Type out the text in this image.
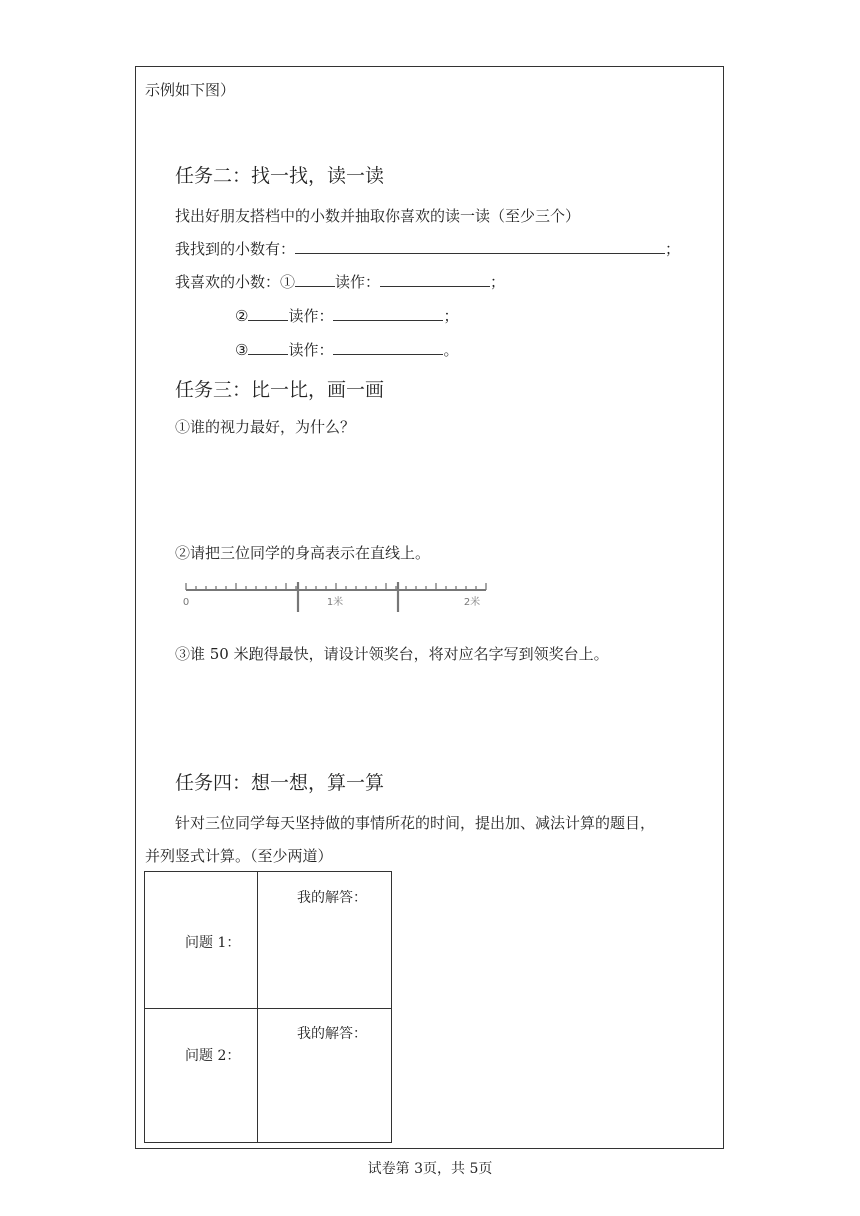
示例如下图）
任务二：找一找，读一读
找出好朋友搭档中的小数并抽取你喜欢的读一读（至少三个）
我找到的小数有：	；
我喜欢的小数：①	读作：	；
②	读作：	；
③	读作：	。
任务三：比一比，画一画
①谁的视力最好，为什么？
②请把三位同学的身高表示在直线上。
0	1米	2米
③谁 50 米跑得最快，请设计领奖台，将对应名字写到领奖台上。
任务四：想一想，算一算
针对三位同学每天坚持做的事情所花的时间，提出加、减法计算的题目，
并列竖式计算。（至少两道）
问题 1：
我的解答：
问题 2：
我的解答：
试卷第 3页，共 5页
